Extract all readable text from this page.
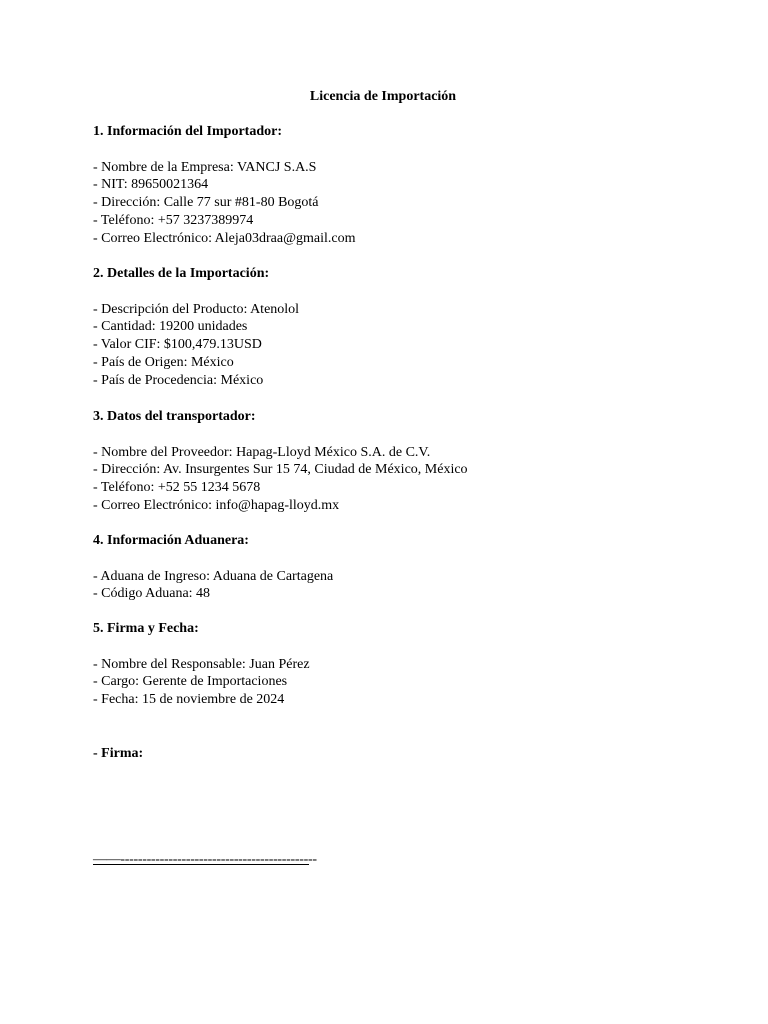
Licencia de Importación

1. Información del Importador:

- Nombre de la Empresa: VANCJ S.A.S
- NIT: 89650021364
- Dirección: Calle 77 sur #81-80 Bogotá
- Teléfono: +57 3237389974
- Correo Electrónico: Aleja03draa@gmail.com

2. Detalles de la Importación:

- Descripción del Producto: Atenolol
- Cantidad: 19200 unidades
- Valor CIF: $100,479.13USD
- País de Origen: México
- País de Procedencia: México

3. Datos del transportador:

- Nombre del Proveedor: Hapag-Lloyd México S.A. de C.V.
- Dirección: Av. Insurgentes Sur 15 74, Ciudad de México, México
- Teléfono: +52 55 1234 5678
- Correo Electrónico: info@hapag-lloyd.mx

4. Información Aduanera:

- Aduana de Ingreso: Aduana de Cartagena
- Código Aduana: 48

5. Firma y Fecha:

- Nombre del Responsable: Juan Pérez
- Cargo: Gerente de Importaciones
- Fecha: 15 de noviembre de 2024

- Firma:

——---------------------------------------------
